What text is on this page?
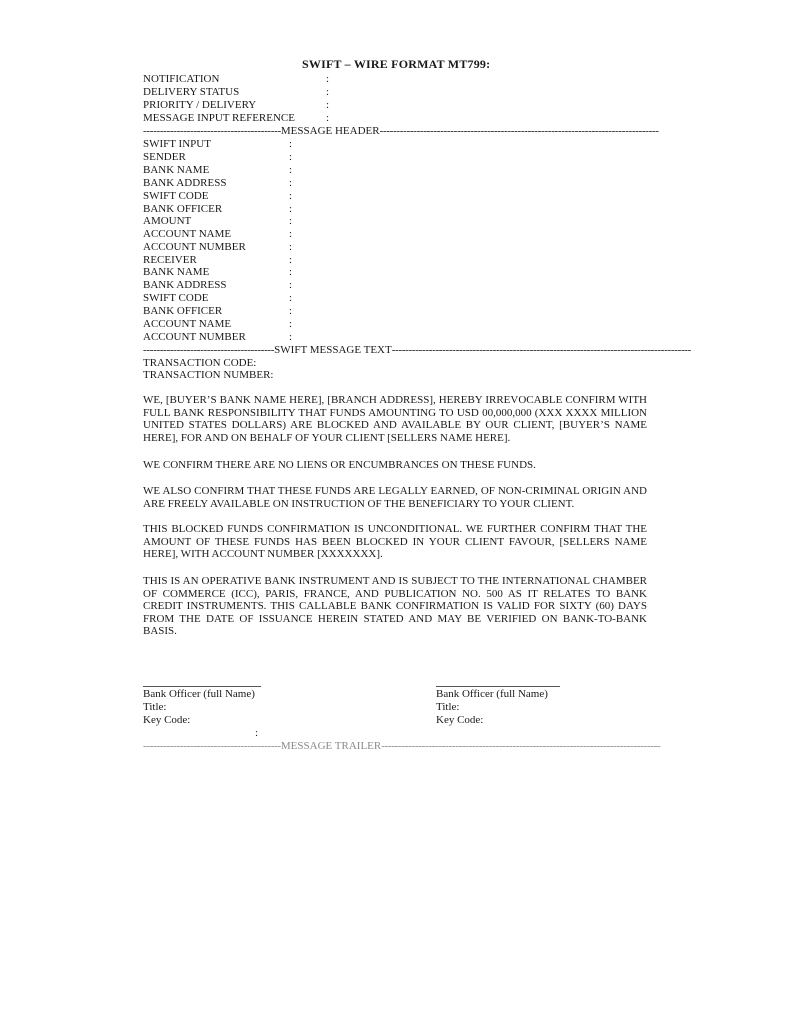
SWIFT – WIRE FORMAT MT799:
NOTIFICATION	:
DELIVERY STATUS	:
PRIORITY / DELIVERY	:
MESSAGE INPUT REFERENCE	:
-----------------------------------------MESSAGE HEADER-----------------------------------------------------------------------------------
SWIFT INPUT	:
SENDER	:
BANK NAME	:
BANK ADDRESS	:
SWIFT CODE	:
BANK OFFICER	:
AMOUNT	:
ACCOUNT NAME	:
ACCOUNT NUMBER	:
RECEIVER	:
BANK NAME	:
BANK ADDRESS	:
SWIFT CODE	:
BANK OFFICER	:
ACCOUNT NAME	:
ACCOUNT NUMBER	:
---------------------------------------SWIFT MESSAGE TEXT-----------------------------------------------------------------------------------------
TRANSACTION CODE:
TRANSACTION NUMBER:
WE, [BUYER’S BANK NAME HERE], [BRANCH ADDRESS], HEREBY IRREVOCABLE CONFIRM WITH FULL BANK RESPONSIBILITY THAT FUNDS AMOUNTING TO USD 00,000,000 (XXX XXXX MILLION UNITED STATES DOLLARS) ARE BLOCKED AND AVAILABLE BY OUR CLIENT, [BUYER’S NAME HERE], FOR AND ON BEHALF OF YOUR CLIENT [SELLERS NAME HERE].
WE CONFIRM THERE ARE NO LIENS OR ENCUMBRANCES ON THESE FUNDS.
WE ALSO CONFIRM THAT THESE FUNDS ARE LEGALLY EARNED, OF NON-CRIMINAL ORIGIN AND ARE FREELY AVAILABLE ON INSTRUCTION OF THE BENEFICIARY TO YOUR CLIENT.
THIS BLOCKED FUNDS CONFIRMATION IS UNCONDITIONAL. WE FURTHER CONFIRM THAT THE AMOUNT OF THESE FUNDS HAS BEEN BLOCKED IN YOUR CLIENT FAVOUR, [SELLERS NAME HERE], WITH ACCOUNT NUMBER [XXXXXXX].
THIS IS AN OPERATIVE BANK INSTRUMENT AND IS SUBJECT TO THE INTERNATIONAL CHAMBER OF COMMERCE (ICC), PARIS, FRANCE, AND PUBLICATION NO. 500 AS IT RELATES TO BANK CREDIT INSTRUMENTS. THIS CALLABLE BANK CONFIRMATION IS VALID FOR SIXTY (60) DAYS FROM THE DATE OF ISSUANCE HEREIN STATED AND MAY BE VERIFIED ON BANK-TO-BANK BASIS.
Bank Officer (full Name)
Title:
Key Code:
Bank Officer (full Name)
Title:
Key Code:
:
-----------------------------------------MESSAGE TRAILER-----------------------------------------------------------------------------------
